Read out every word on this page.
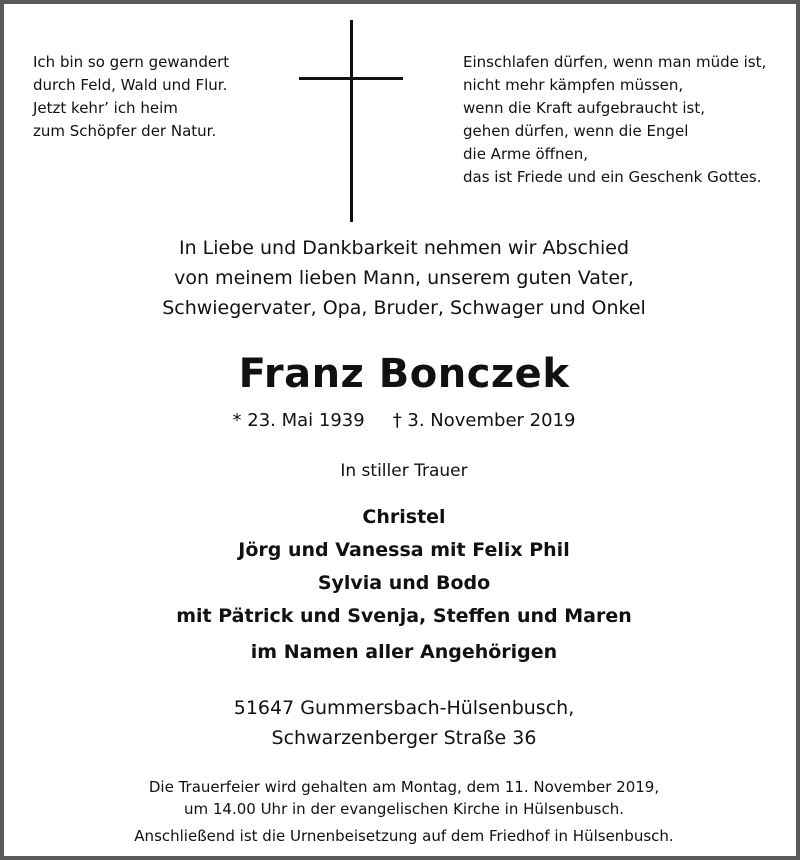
Ich bin so gern gewandert
durch Feld, Wald und Flur.
Jetzt kehr’ ich heim
zum Schöpfer der Natur.
Einschlafen dürfen, wenn man müde ist,
nicht mehr kämpfen müssen,
wenn die Kraft aufgebraucht ist,
gehen dürfen, wenn die Engel
die Arme öffnen,
das ist Friede und ein Geschenk Gottes.
In Liebe und Dankbarkeit nehmen wir Abschied
von meinem lieben Mann, unserem guten Vater,
Schwiegervater, Opa, Bruder, Schwager und Onkel
Franz Bonczek
* 23. Mai 1939 † 3. November 2019
In stiller Trauer
Christel
Jörg und Vanessa mit Felix Phil
Sylvia und Bodo
mit Pätrick und Svenja, Steffen und Maren
im Namen aller Angehörigen
51647 Gummersbach-Hülsenbusch,
Schwarzenberger Straße 36
Die Trauerfeier wird gehalten am Montag, dem 11. November 2019,
um 14.00 Uhr in der evangelischen Kirche in Hülsenbusch.
Anschließend ist die Urnenbeisetzung auf dem Friedhof in Hülsenbusch.
